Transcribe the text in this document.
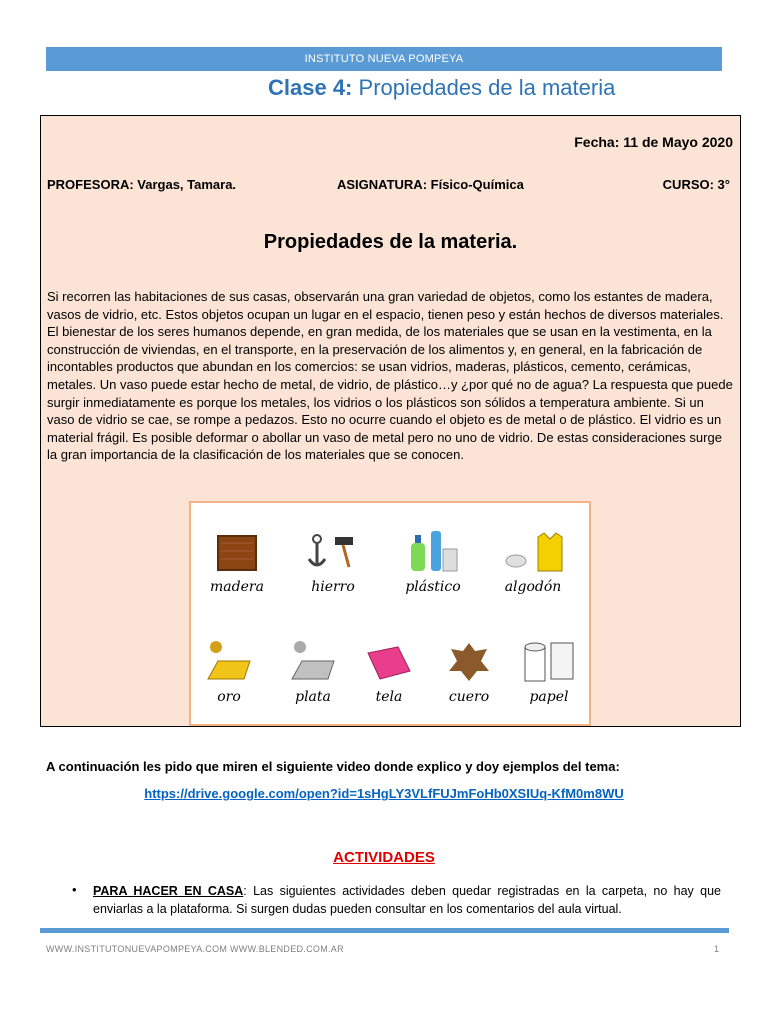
INSTITUTO NUEVA POMPEYA
Clase 4: Propiedades de la materia
Fecha: 11 de Mayo 2020
PROFESORA: Vargas, Tamara.	ASIGNATURA: Físico-Química	CURSO: 3°
Propiedades de la materia.
Si recorren las habitaciones de sus casas, observarán una gran variedad de objetos, como los estantes de madera, vasos de vidrio, etc. Estos objetos ocupan un lugar en el espacio, tienen peso y están hechos de diversos materiales. El bienestar de los seres humanos depende, en gran medida, de los materiales que se usan en la vestimenta, en la construcción de viviendas, en el transporte, en la preservación de los alimentos y, en general, en la fabricación de incontables productos que abundan en los comercios: se usan vidrios, maderas, plásticos, cemento, cerámicas, metales. Un vaso puede estar hecho de metal, de vidrio, de plástico…y ¿por qué no de agua? La respuesta que puede surgir inmediatamente es porque los metales, los vidrios o los plásticos son sólidos a temperatura ambiente. Si un vaso de vidrio se cae, se rompe a pedazos. Esto no ocurre cuando el objeto es de metal o de plástico. El vidrio es un material frágil. Es posible deformar o abollar un vaso de metal pero no uno de vidrio. De estas consideraciones surge la gran importancia de la clasificación de los materiales que se conocen.
madera	hierro	plástico	algodón
oro	plata	tela	cuero	papel
A continuación les pido que miren el siguiente video donde explico y doy ejemplos del tema:
https://drive.google.com/open?id=1sHgLY3VLfFUJmFoHb0XSIUq-KfM0m8WU
ACTIVIDADES
• PARA HACER EN CASA: Las siguientes actividades deben quedar registradas en la carpeta, no hay que enviarlas a la plataforma. Si surgen dudas pueden consultar en los comentarios del aula virtual.
WWW.INSTITUTONUEVAPOMPEYA.COM WWW.BLENDED.COM.AR	1
